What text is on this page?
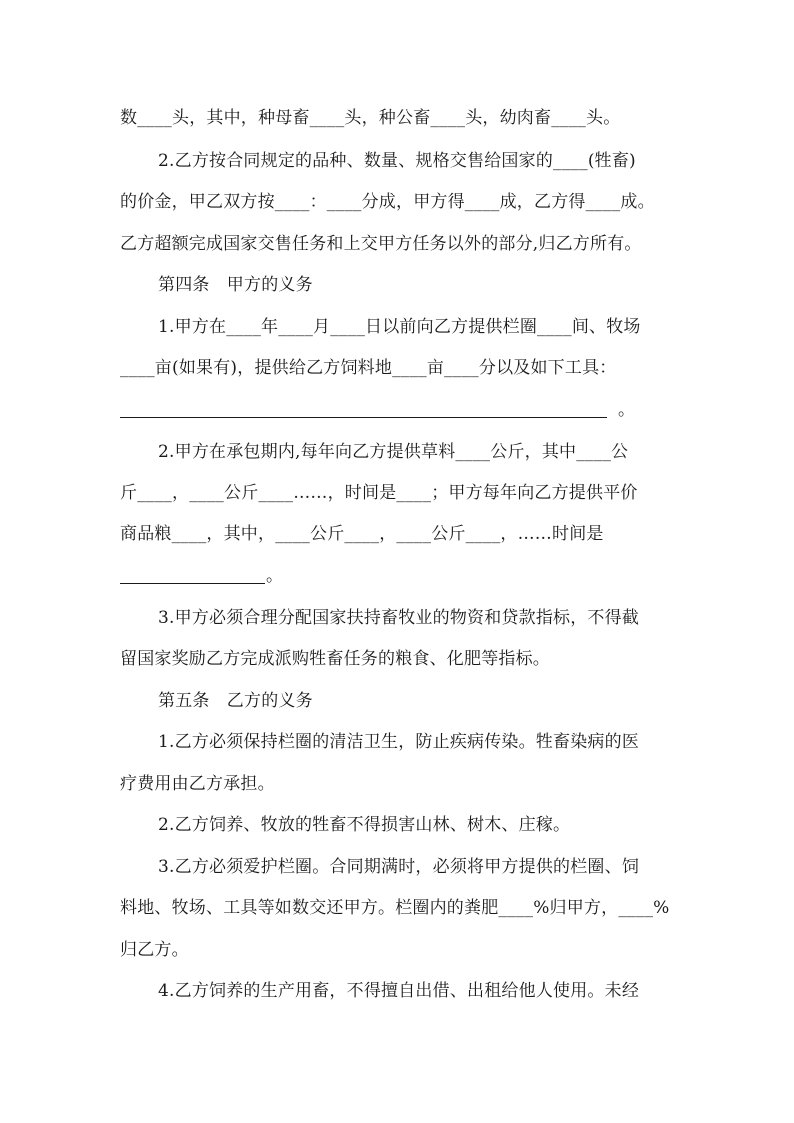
数____头，其中，种母畜____头，种公畜____头，幼肉畜____头。
2.乙方按合同规定的品种、数量、规格交售给国家的____(牲畜)
的价金，甲乙双方按____：____分成，甲方得____成，乙方得____成。
乙方超额完成国家交售任务和上交甲方任务以外的部分,归乙方所有。
第四条　甲方的义务
1.甲方在____年____月____日以前向乙方提供栏圈____间、牧场
____亩(如果有)，提供给乙方饲料地____亩____分以及如下工具：
。
2.甲方在承包期内,每年向乙方提供草料____公斤，其中____公
斤____，____公斤____……，时间是____；甲方每年向乙方提供平价
商品粮____，其中，____公斤____，____公斤____，……时间是
。
3.甲方必须合理分配国家扶持畜牧业的物资和贷款指标，不得截
留国家奖励乙方完成派购牲畜任务的粮食、化肥等指标。
第五条　乙方的义务
1.乙方必须保持栏圈的清洁卫生，防止疾病传染。牲畜染病的医
疗费用由乙方承担。
2.乙方饲养、牧放的牲畜不得损害山林、树木、庄稼。
3.乙方必须爱护栏圈。合同期满时，必须将甲方提供的栏圈、饲
料地、牧场、工具等如数交还甲方。栏圈内的粪肥____%归甲方，____%
归乙方。
4.乙方饲养的生产用畜，不得擅自出借、出租给他人使用。未经
